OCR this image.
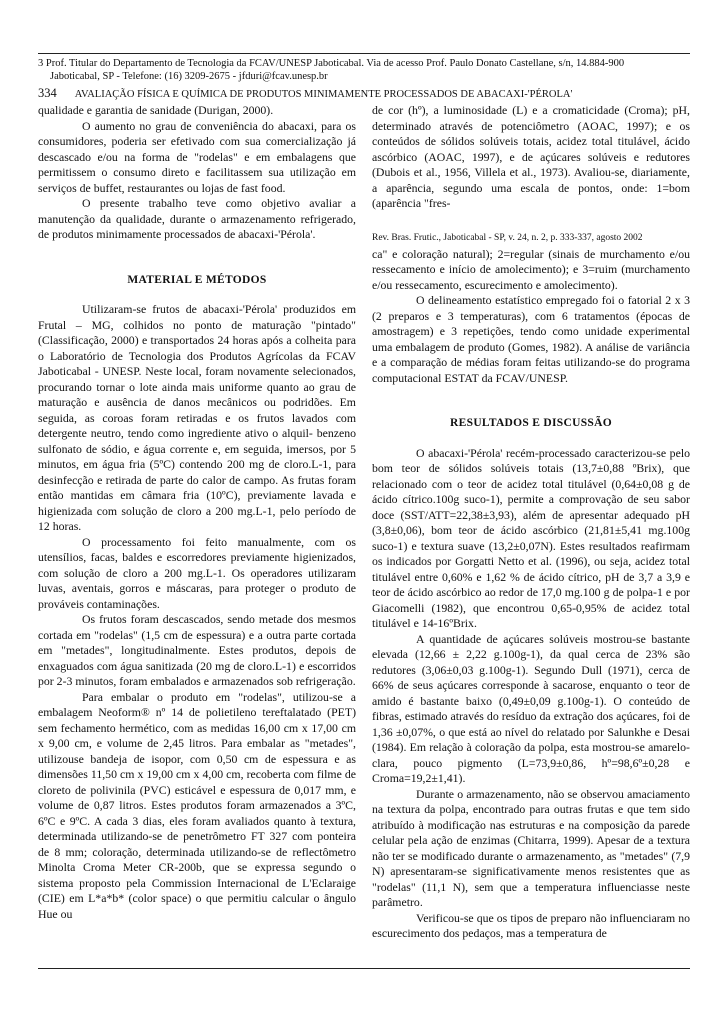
3 Prof. Titular do Departamento de Tecnologia da FCAV/UNESP Jaboticabal. Via de acesso Prof. Paulo Donato Castellane, s/n, 14.884-900
Jaboticabal, SP - Telefone: (16) 3209-2675 - jfduri@fcav.unesp.br
334 AVALIAÇÃO FÍSICA E QUÍMICA DE PRODUTOS MINIMAMENTE PROCESSADOS DE ABACAXI-'PÉROLA'

qualidade e garantia de sanidade (Durigan, 2000).

O aumento no grau de conveniência do abacaxi, para os consumidores, poderia ser efetivado com sua comercialização já descascado e/ou na forma de "rodelas" e em embalagens que permitissem o consumo direto e facilitassem sua utilização em serviços de buffet, restaurantes ou lojas de fast food.

O presente trabalho teve como objetivo avaliar a manutenção da qualidade, durante o armazenamento refrigerado, de produtos minimamente processados de abacaxi-'Pérola'.

MATERIAL E MÉTODOS

Utilizaram-se frutos de abacaxi-'Pérola' produzidos em Frutal – MG, colhidos no ponto de maturação "pintado" (Classificação, 2000) e transportados 24 horas após a colheita para o Laboratório de Tecnologia dos Produtos Agrícolas da FCAV Jaboticabal - UNESP. Neste local, foram novamente selecionados, procurando tornar o lote ainda mais uniforme quanto ao grau de maturação e ausência de danos mecânicos ou podridões. Em seguida, as coroas foram retiradas e os frutos lavados com detergente neutro, tendo como ingrediente ativo o alquil- benzeno sulfonato de sódio, e água corrente e, em seguida, imersos, por 5 minutos, em água fria (5ºC) contendo 200 mg de cloro.L-1, para desinfecção e retirada de parte do calor de campo. As frutas foram então mantidas em câmara fria (10ºC), previamente lavada e higienizada com solução de cloro a 200 mg.L-1, pelo período de 12 horas.

O processamento foi feito manualmente, com os utensílios, facas, baldes e escorredores previamente higienizados, com solução de cloro a 200 mg.L-1. Os operadores utilizaram luvas, aventais, gorros e máscaras, para proteger o produto de prováveis contaminações.

Os frutos foram descascados, sendo metade dos mesmos cortada em "rodelas" (1,5 cm de espessura) e a outra parte cortada em "metades", longitudinalmente. Estes produtos, depois de enxaguados com água sanitizada (20 mg de cloro.L-1) e escorridos por 2-3 minutos, foram embalados e armazenados sob refrigeração.

Para embalar o produto em "rodelas", utilizou-se a embalagem Neoform® nº 14 de polietileno tereftalatado (PET) sem fechamento hermético, com as medidas 16,00 cm x 17,00 cm x 9,00 cm, e volume de 2,45 litros. Para embalar as "metades", utilizouse bandeja de isopor, com 0,50 cm de espessura e as dimensões 11,50 cm x 19,00 cm x 4,00 cm, recoberta com filme de cloreto de polivinila (PVC) esticável e espessura de 0,017 mm, e volume de 0,87 litros. Estes produtos foram armazenados a 3ºC, 6ºC e 9ºC. A cada 3 dias, eles foram avaliados quanto à textura, determinada utilizando-se de penetrômetro FT 327 com ponteira de 8 mm; coloração, determinada utilizando-se de reflectômetro Minolta Croma Meter CR-200b, que se expressa segundo o sistema proposto pela Commission Internacional de L'Eclaraige (CIE) em L*a*b* (color space) o que permitiu calcular o ângulo Hue ou

de cor (hº), a luminosidade (L) e a cromaticidade (Croma); pH, determinado através de potenciômetro (AOAC, 1997); e os conteúdos de sólidos solúveis totais, acidez total titulável, ácido ascórbico (AOAC, 1997), e de açúcares solúveis e redutores (Dubois et al., 1956, Villela et al., 1973). Avaliou-se, diariamente, a aparência, segundo uma escala de pontos, onde: 1=bom (aparência "fres-

Rev. Bras. Frutic., Jaboticabal - SP, v. 24, n. 2, p. 333-337, agosto 2002

ca" e coloração natural); 2=regular (sinais de murchamento e/ou ressecamento e início de amolecimento); e 3=ruim (murchamento e/ou ressecamento, escurecimento e amolecimento).

O delineamento estatístico empregado foi o fatorial 2 x 3 (2 preparos e 3 temperaturas), com 6 tratamentos (épocas de amostragem) e 3 repetições, tendo como unidade experimental uma embalagem de produto (Gomes, 1982). A análise de variância e a comparação de médias foram feitas utilizando-se do programa computacional ESTAT da FCAV/UNESP.

RESULTADOS E DISCUSSÃO

O abacaxi-'Pérola' recém-processado caracterizou-se pelo bom teor de sólidos solúveis totais (13,7±0,88 ºBrix), que relacionado com o teor de acidez total titulável (0,64±0,08 g de ácido cítrico.100g suco-1), permite a comprovação de seu sabor doce (SST/ATT=22,38±3,93), além de apresentar adequado pH (3,8±0,06), bom teor de ácido ascórbico (21,81±5,41 mg.100g suco-1) e textura suave (13,2±0,07N). Estes resultados reafirmam os indicados por Gorgatti Netto et al. (1996), ou seja, acidez total titulável entre 0,60% e 1,62 % de ácido cítrico, pH de 3,7 a 3,9 e teor de ácido ascórbico ao redor de 17,0 mg.100 g de polpa-1 e por Giacomelli (1982), que encontrou 0,65-0,95% de acidez total titulável e 14-16ºBrix.

A quantidade de açúcares solúveis mostrou-se bastante elevada (12,66 ± 2,22 g.100g-1), da qual cerca de 23% são redutores (3,06±0,03 g.100g-1). Segundo Dull (1971), cerca de 66% de seus açúcares corresponde à sacarose, enquanto o teor de amido é bastante baixo (0,49±0,09 g.100g-1). O conteúdo de fibras, estimado através do resíduo da extração dos açúcares, foi de 1,36 ±0,07%, o que está ao nível do relatado por Salunkhe e Desai (1984). Em relação à coloração da polpa, esta mostrou-se amarelo-clara, pouco pigmento (L=73,9±0,86, hº=98,6º±0,28 e Croma=19,2±1,41).

Durante o armazenamento, não se observou amaciamento na textura da polpa, encontrado para outras frutas e que tem sido atribuído à modificação nas estruturas e na composição da parede celular pela ação de enzimas (Chitarra, 1999). Apesar de a textura não ter se modificado durante o armazenamento, as "metades" (7,9 N) apresentaram-se significativamente menos resistentes que as "rodelas" (11,1 N), sem que a temperatura influenciasse neste parâmetro.

Verificou-se que os tipos de preparo não influenciaram no escurecimento dos pedaços, mas a temperatura de
